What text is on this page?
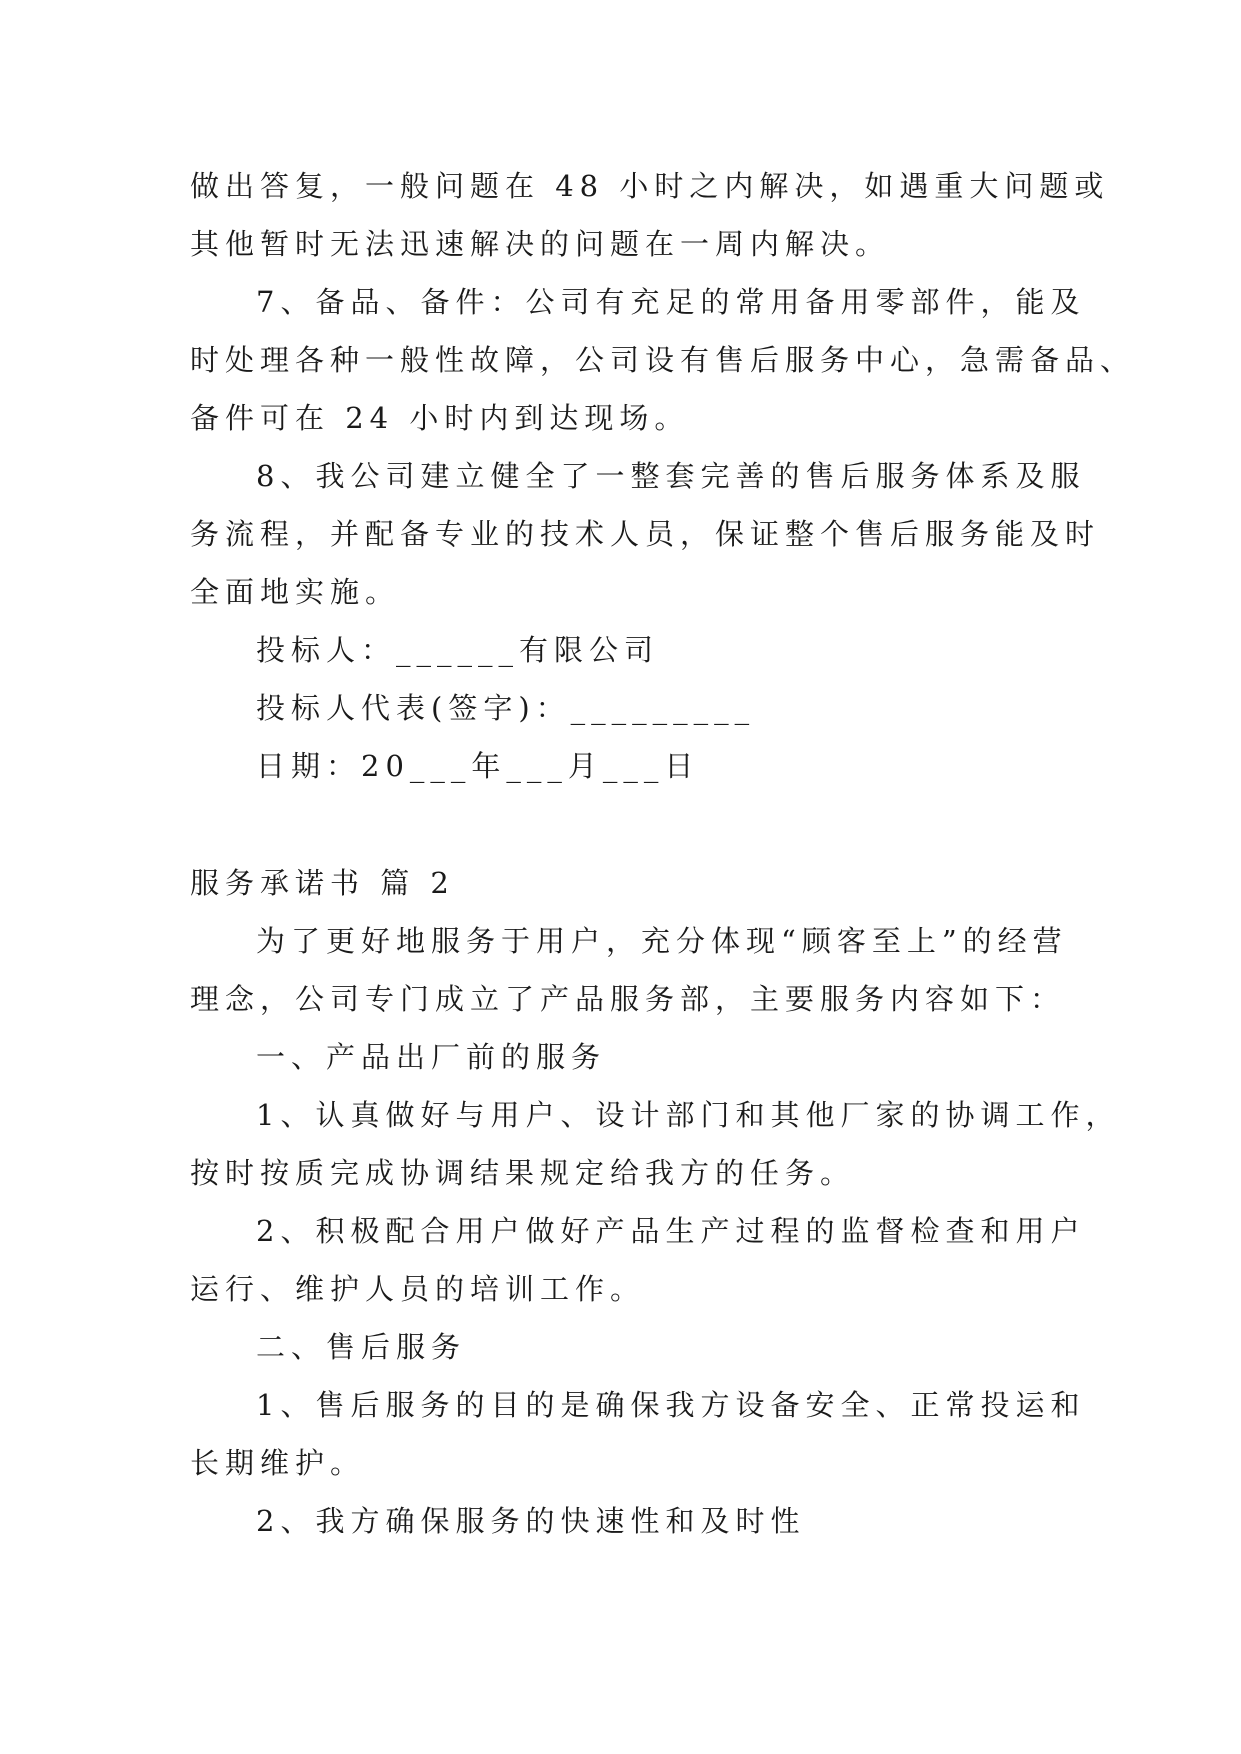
做出答复，一般问题在 48 小时之内解决，如遇重大问题或
其他暂时无法迅速解决的问题在一周内解决。
7、备品、备件：公司有充足的常用备用零部件，能及
时处理各种一般性故障，公司设有售后服务中心，急需备品、
备件可在 24 小时内到达现场。
8、我公司建立健全了一整套完善的售后服务体系及服
务流程，并配备专业的技术人员，保证整个售后服务能及时
全面地实施。
投标人：______有限公司
投标人代表(签字)：_________
日期：20___年___月___日
服务承诺书 篇 2
为了更好地服务于用户，充分体现“顾客至上”的经营
理念，公司专门成立了产品服务部，主要服务内容如下：
一、产品出厂前的服务
1、认真做好与用户、设计部门和其他厂家的协调工作，
按时按质完成协调结果规定给我方的任务。
2、积极配合用户做好产品生产过程的监督检查和用户
运行、维护人员的培训工作。
二、售后服务
1、售后服务的目的是确保我方设备安全、正常投运和
长期维护。
2、我方确保服务的快速性和及时性
